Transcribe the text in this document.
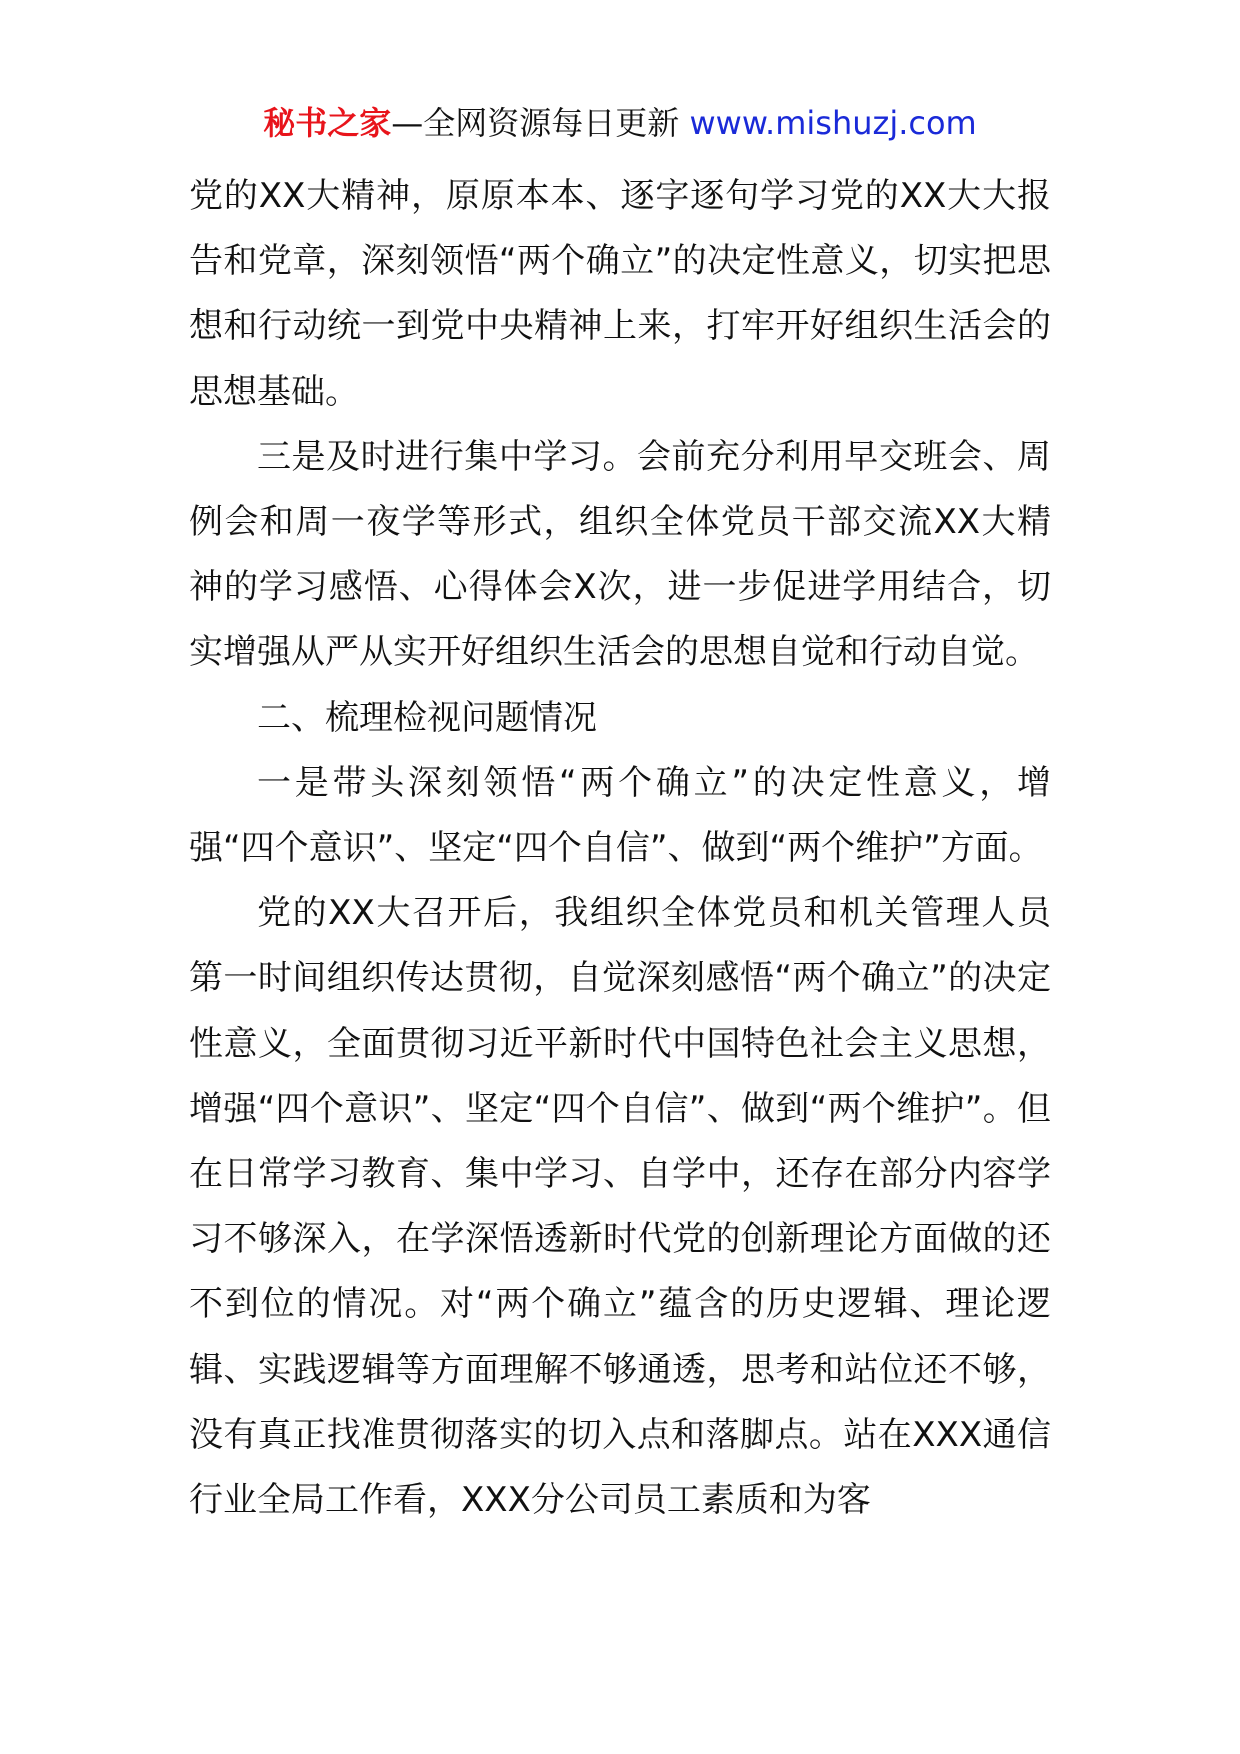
秘书之家—全网资源每日更新 www.mishuzj.com

党的XX大精神，原原本本、逐字逐句学习党的XX大大报告和党章，深刻领悟“两个确立”的决定性意义，切实把思想和行动统一到党中央精神上来，打牢开好组织生活会的思想基础。

三是及时进行集中学习。会前充分利用早交班会、周例会和周一夜学等形式，组织全体党员干部交流XX大精神的学习感悟、心得体会X次，进一步促进学用结合，切实增强从严从实开好组织生活会的思想自觉和行动自觉。

二、梳理检视问题情况

一是带头深刻领悟“两个确立”的决定性意义，增强“四个意识”、坚定“四个自信”、做到“两个维护”方面。

党的XX大召开后，我组织全体党员和机关管理人员第一时间组织传达贯彻，自觉深刻感悟“两个确立”的决定性意义，全面贯彻习近平新时代中国特色社会主义思想，增强“四个意识”、坚定“四个自信”、做到“两个维护”。但在日常学习教育、集中学习、自学中，还存在部分内容学习不够深入，在学深悟透新时代党的创新理论方面做的还不到位的情况。对“两个确立”蕴含的历史逻辑、理论逻辑、实践逻辑等方面理解不够通透，思考和站位还不够，没有真正找准贯彻落实的切入点和落脚点。站在XXX通信行业全局工作看，XXX分公司员工素质和为客
